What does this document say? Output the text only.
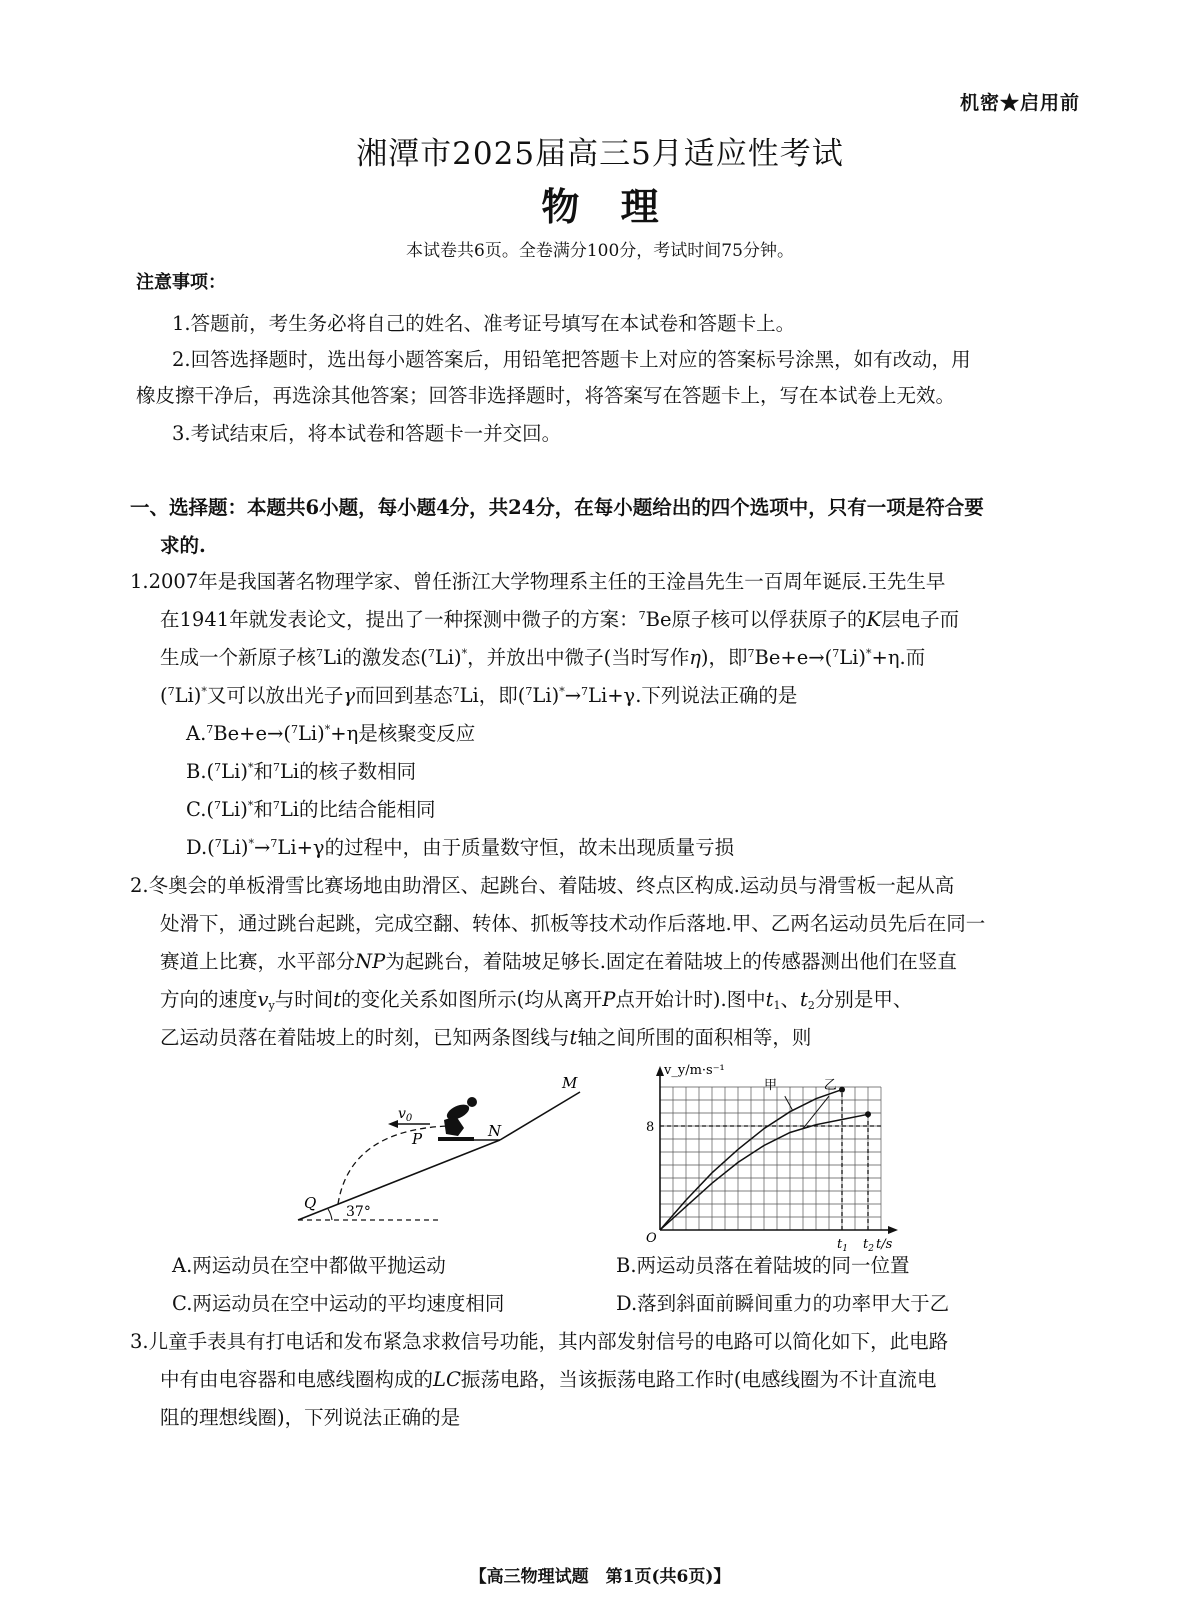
机密★启用前
湘潭市2025届高三5月适应性考试
物 理
本试卷共6页。全卷满分100分，考试时间75分钟。
注意事项：
1.答题前，考生务必将自己的姓名、准考证号填写在本试卷和答题卡上。
2.回答选择题时，选出每小题答案后，用铅笔把答题卡上对应的答案标号涂黑，如有改动，用
橡皮擦干净后，再选涂其他答案；回答非选择题时，将答案写在答题卡上，写在本试卷上无效。
3.考试结束后，将本试卷和答题卡一并交回。
一、选择题：本题共6小题，每小题4分，共24分，在每小题给出的四个选项中，只有一项是符合要
求的.
1.2007年是我国著名物理学家、曾任浙江大学物理系主任的王淦昌先生一百周年诞辰.王先生早
在1941年就发表论文，提出了一种探测中微子的方案：$^7$Be原子核可以俘获原子的K层电子而
生成一个新原子核$^7$Li的激发态($^7$Li)*，并放出中微子(当时写作η)，即$^7$Be+e→($^7$Li)*+η.而
($^7$Li)*又可以放出光子γ而回到基态$^7$Li，即($^7$Li)*→$^7$Li+γ.下列说法正确的是
A.$^7$Be+e→($^7$Li)*+η是核聚变反应
B.($^7$Li)*和$^7$Li的核子数相同
C.($^7$Li)*和$^7$Li的比结合能相同
D.($^7$Li)*→$^7$Li+γ的过程中，由于质量数守恒，故未出现质量亏损
2.冬奥会的单板滑雪比赛场地由助滑区、起跳台、着陆坡、终点区构成.运动员与滑雪板一起从高
处滑下，通过跳台起跳，完成空翻、转体、抓板等技术动作后落地.甲、乙两名运动员先后在同一
赛道上比赛，水平部分NP为起跳台，着陆坡足够长.固定在着陆坡上的传感器测出他们在竖直
方向的速度$v_y$与时间t的变化关系如图所示(均从离开P点开始计时).图中$t_1$、$t_2$分别是甲、
乙运动员落在着陆坡上的时刻，已知两条图线与t轴之间所围的面积相等，则
M
N
P
Q
$v_0$
37°
v_y/m·s⁻¹
t/s
O
8
$t_1$ $t_2$
甲	乙
A.两运动员在空中都做平抛运动	B.两运动员落在着陆坡的同一位置
C.两运动员在空中运动的平均速度相同	D.落到斜面前瞬间重力的功率甲大于乙
3.儿童手表具有打电话和发布紧急求救信号功能，其内部发射信号的电路可以简化如下，此电路
中有由电容器和电感线圈构成的LC振荡电路，当该振荡电路工作时(电感线圈为不计直流电
阻的理想线圈)，下列说法正确的是
【高三物理试题　第1页(共6页)】
